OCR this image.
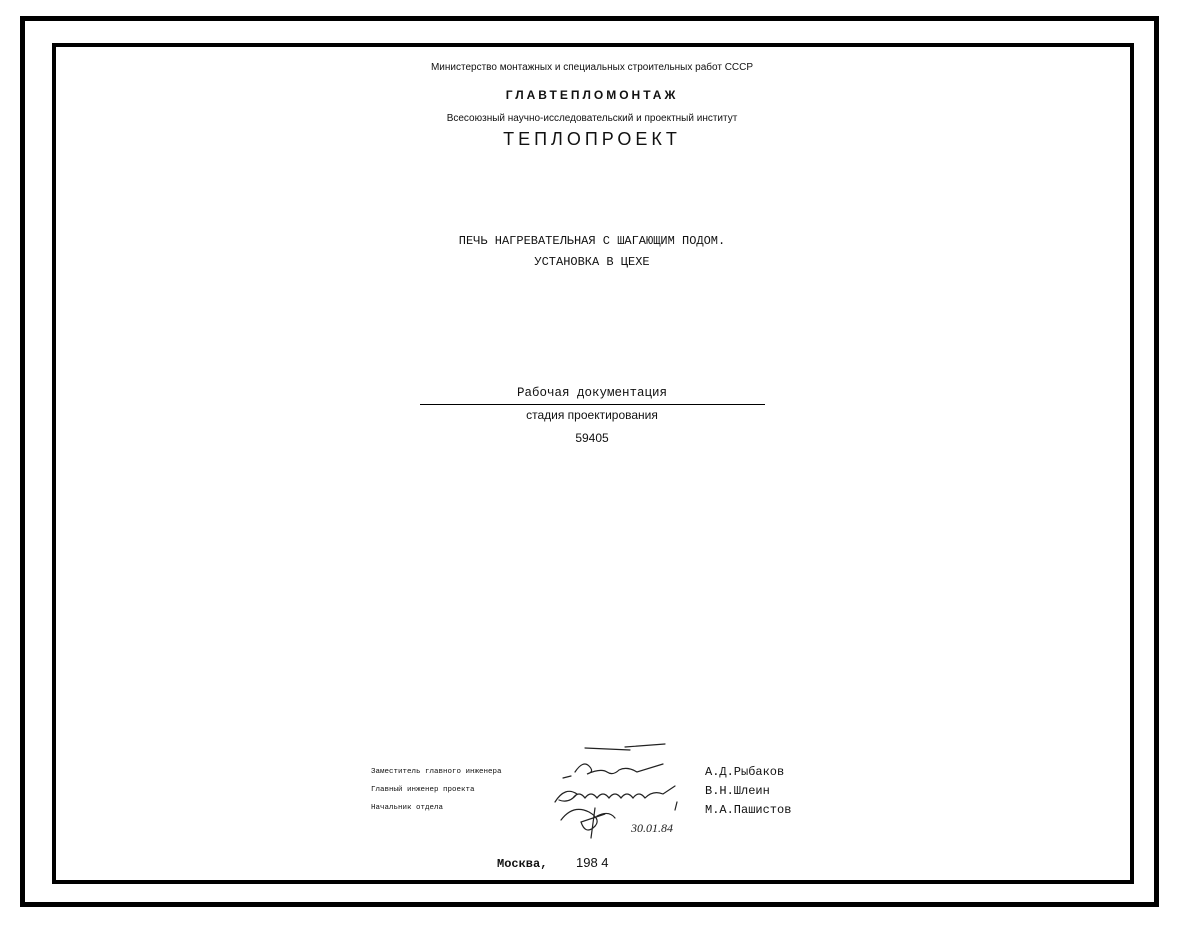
Министерство монтажных и специальных строительных работ СССР
ГЛАВТЕПЛОМОНТАЖ
Всесоюзный научно-исследовательский и проектный институт
ТЕПЛОПРОЕКТ
ПЕЧЬ НАГРЕВАТЕЛЬНАЯ С ШАГАЮЩИМ ПОДОМ.
УСТАНОВКА В ЦЕХЕ
Рабочая документация
стадия проектирования
59405
Заместитель главного инженера
Главный инженер проекта
Начальник отдела
30.01.84
А.Д.Рыбаков
В.Н.Шлеин
М.А.Пашистов
Москва, 198 4
